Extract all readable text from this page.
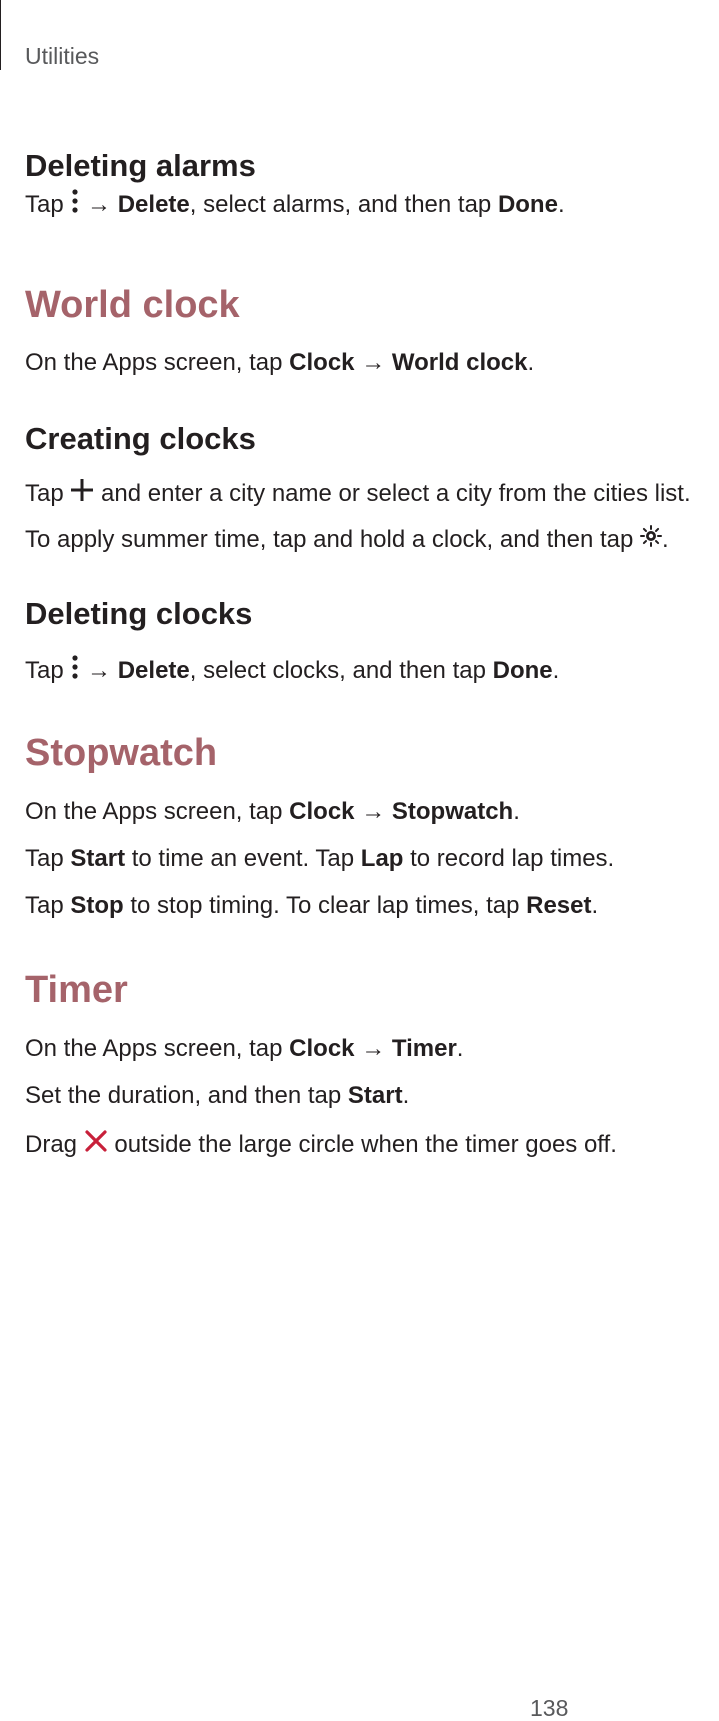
Utilities
Deleting alarms
Tap → Delete, select alarms, and then tap Done.
World clock
On the Apps screen, tap Clock → World clock.
Creating clocks
Tap and enter a city name or select a city from the cities list.
To apply summer time, tap and hold a clock, and then tap .
Deleting clocks
Tap → Delete, select clocks, and then tap Done.
Stopwatch
On the Apps screen, tap Clock → Stopwatch.
Tap Start to time an event. Tap Lap to record lap times.
Tap Stop to stop timing. To clear lap times, tap Reset.
Timer
On the Apps screen, tap Clock → Timer.
Set the duration, and then tap Start.
Drag outside the large circle when the timer goes off.
138
